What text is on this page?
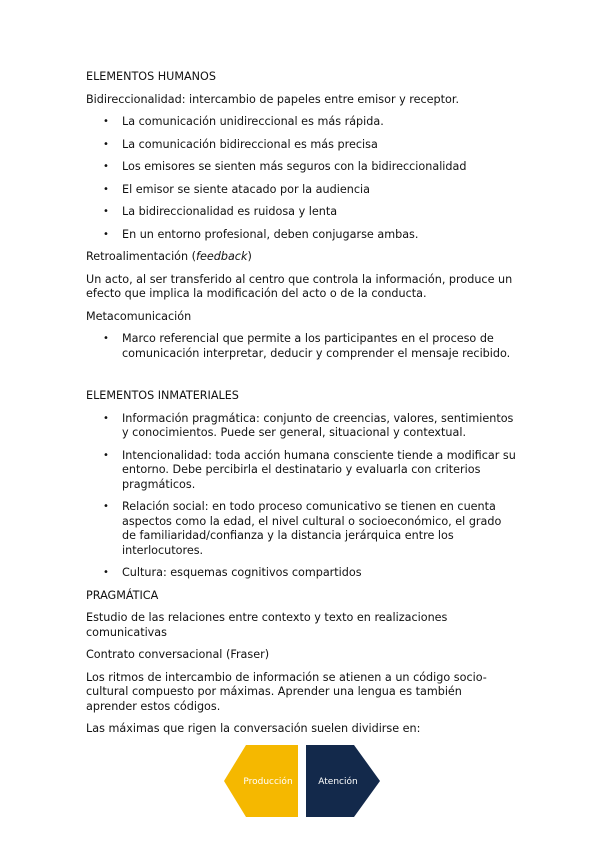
ELEMENTOS HUMANOS

Bidireccionalidad: intercambio de papeles entre emisor y receptor.

• La comunicación unidireccional es más rápida.
• La comunicación bidireccional es más precisa
• Los emisores se sienten más seguros con la bidireccionalidad
• El emisor se siente atacado por la audiencia
• La bidireccionalidad es ruidosa y lenta
• En un entorno profesional, deben conjugarse ambas.

Retroalimentación (feedback)

Un acto, al ser transferido al centro que controla la información, produce un efecto que implica la modificación del acto o de la conducta.

Metacomunicación

• Marco referencial que permite a los participantes en el proceso de comunicación interpretar, deducir y comprender el mensaje recibido.

ELEMENTOS INMATERIALES

• Información pragmática: conjunto de creencias, valores, sentimientos y conocimientos. Puede ser general, situacional y contextual.
• Intencionalidad: toda acción humana consciente tiende a modificar su entorno. Debe percibirla el destinatario y evaluarla con criterios pragmáticos.
• Relación social: en todo proceso comunicativo se tienen en cuenta aspectos como la edad, el nivel cultural o socioeconómico, el grado de familiaridad/confianza y la distancia jerárquica entre los interlocutores.
• Cultura: esquemas cognitivos compartidos

PRAGMÁTICA

Estudio de las relaciones entre contexto y texto en realizaciones comunicativas

Contrato conversacional (Fraser)

Los ritmos de intercambio de información se atienen a un código socio-cultural compuesto por máximas. Aprender una lengua es también aprender estos códigos.

Las máximas que rigen la conversación suelen dividirse en:

Producción	Atención
